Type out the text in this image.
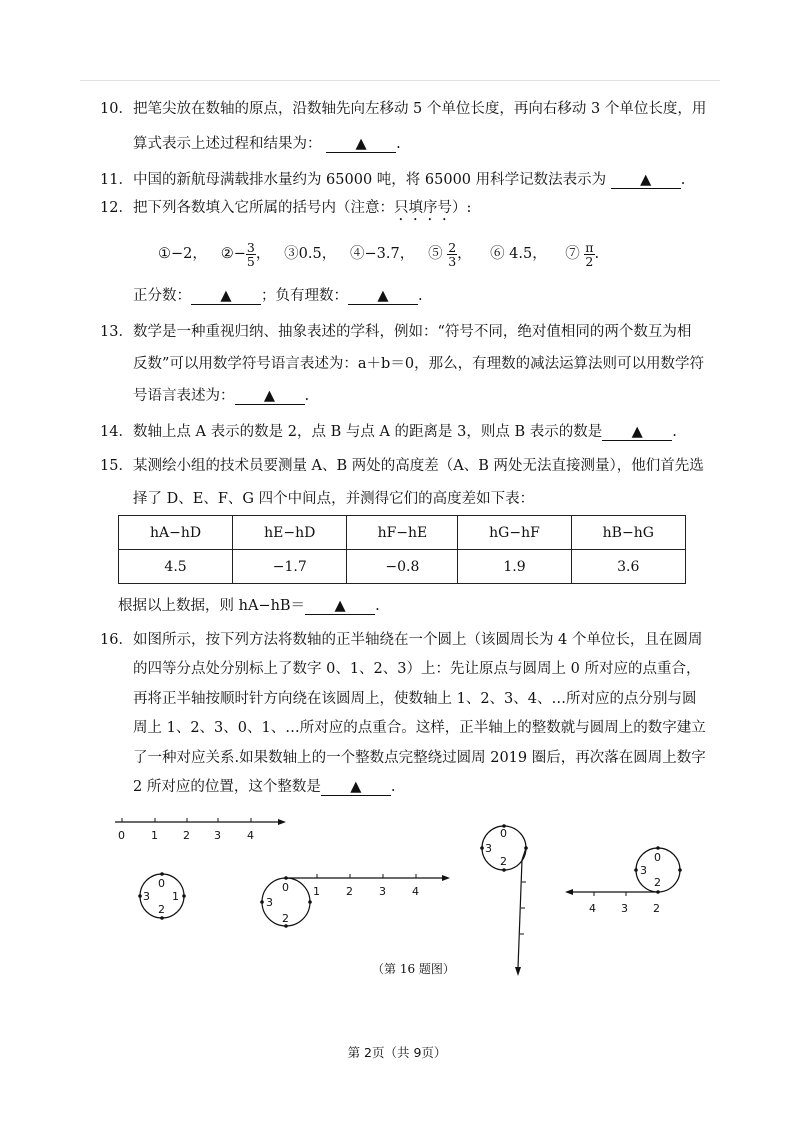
10．把笔尖放在数轴的原点，沿数轴先向左移动 5 个单位长度，再向右移动 3 个单位长度，用
算式表示上述过程和结果为： ▲ .
11．中国的新航母满载排水量约为 65000 吨，将 65000 用科学记数法表示为 ▲ .
12．把下列各数填入它所属的括号内（注意：只填序号）:
①−2， ②− $\frac{3}{5}$ ， ③0.5， ④−3.7， ⑤ $\frac{2}{3}$ ， ⑥ 4.5， ⑦ $\frac{\pi}{2}$ .
正分数： ▲ ；负有理数： ▲ .
13．数学是一种重视归纳、抽象表述的学科，例如：“符号不同，绝对值相同的两个数互为相
反数”可以用数学符号语言表述为：a＋b＝0，那么，有理数的减法运算法则可以用数学符
号语言表述为： ▲ .
14．数轴上点 A 表示的数是 2，点 B 与点 A 的距离是 3，则点 B 表示的数是 ▲ .
15．某测绘小组的技术员要测量 A、B 两处的高度差（A、B 两处无法直接测量），他们首先选
择了 D、E、F、G 四个中间点，并测得它们的高度差如下表：
hA−hD	hE−hD	hF−hE	hG−hF	hB−hG
4.5	−1.7	−0.8	1.9	3.6
根据以上数据，则 hA−hB＝ ▲ .
16．如图所示，按下列方法将数轴的正半轴绕在一个圆上（该圆周长为 4 个单位长，且在圆周
的四等分点处分别标上了数字 0、1、2、3）上：先让原点与圆周上 0 所对应的点重合，
再将正半轴按顺时针方向绕在该圆周上，使数轴上 1、2、3、4、…所对应的点分别与圆
周上 1、2、3、0、1、…所对应的点重合。这样，正半轴上的整数就与圆周上的数字建立
了一种对应关系.如果数轴上的一个整数点完整绕过圆周 2019 圈后，再次落在圆周上数字
2 所对应的位置，这个整数是 ▲ .
0 1 2 3 4
0
1
2
3
0 1 2 3 4
2
3
0
3
2	0
3
2
4 3 2
（第 16 题图）
第 2页（共 9页）
